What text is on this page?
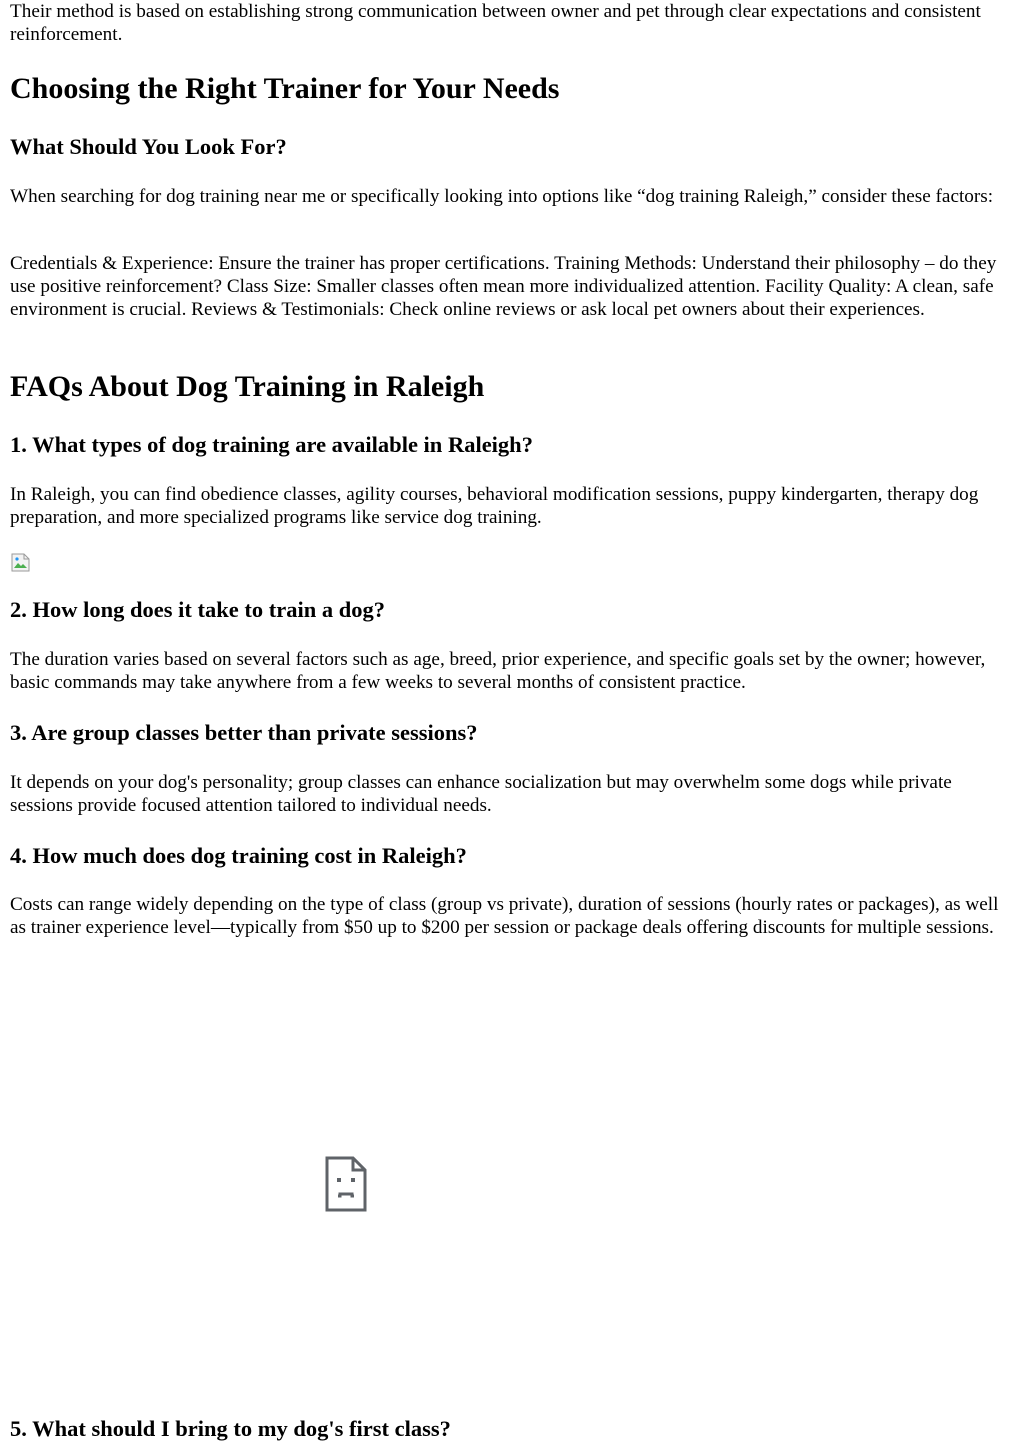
Their method is based on establishing strong communication between owner and pet through clear expectations and consistent reinforcement.

Choosing the Right Trainer for Your Needs
What Should You Look For?

When searching for dog training near me or specifically looking into options like “dog training Raleigh,” consider these factors:

Credentials & Experience: Ensure the trainer has proper certifications. Training Methods: Understand their philosophy – do they use positive reinforcement? Class Size: Smaller classes often mean more individualized attention. Facility Quality: A clean, safe environment is crucial. Reviews & Testimonials: Check online reviews or ask local pet owners about their experiences.

FAQs About Dog Training in Raleigh
1. What types of dog training are available in Raleigh?

In Raleigh, you can find obedience classes, agility courses, behavioral modification sessions, puppy kindergarten, therapy dog preparation, and more specialized programs like service dog training.

2. How long does it take to train a dog?

The duration varies based on several factors such as age, breed, prior experience, and specific goals set by the owner; however, basic commands may take anywhere from a few weeks to several months of consistent practice.

3. Are group classes better than private sessions?

It depends on your dog's personality; group classes can enhance socialization but may overwhelm some dogs while private sessions provide focused attention tailored to individual needs.

4. How much does dog training cost in Raleigh?

Costs can range widely depending on the type of class (group vs private), duration of sessions (hourly rates or packages), as well as trainer experience level—typically from $50 up to $200 per session or package deals offering discounts for multiple sessions.

5. What should I bring to my dog's first class?
